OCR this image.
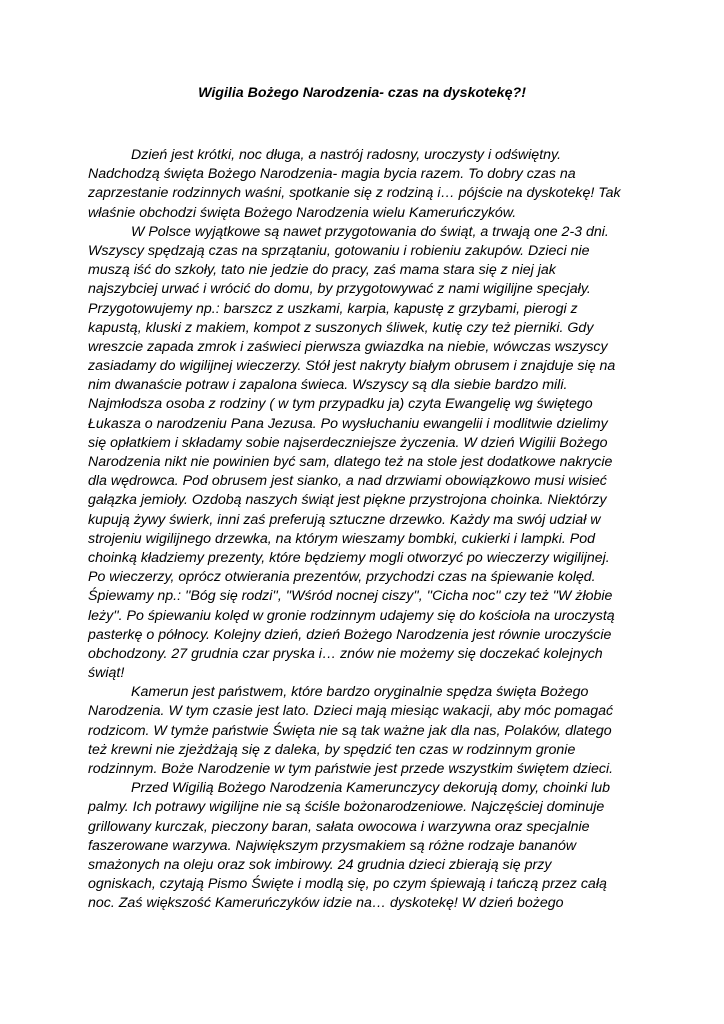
Wigilia Bożego Narodzenia- czas na dyskotekę?!
Dzień jest krótki, noc długa, a nastrój radosny, uroczysty i odświętny.
Nadchodzą święta Bożego Narodzenia- magia bycia razem. To dobry czas na
zaprzestanie rodzinnych waśni, spotkanie się z rodziną i… pójście na dyskotekę! Tak
właśnie obchodzi święta Bożego Narodzenia wielu Kameruńczyków.
W Polsce wyjątkowe są nawet przygotowania do świąt, a trwają one 2-3 dni.
Wszyscy spędzają czas na sprzątaniu, gotowaniu i robieniu zakupów. Dzieci nie
muszą iść do szkoły, tato nie jedzie do pracy, zaś mama stara się z niej jak
najszybciej urwać i wrócić do domu, by przygotowywać z nami wigilijne specjały.
Przygotowujemy np.: barszcz z uszkami, karpia, kapustę z grzybami, pierogi z
kapustą, kluski z makiem, kompot z suszonych śliwek, kutię czy też pierniki. Gdy
wreszcie zapada zmrok i zaświeci pierwsza gwiazdka na niebie, wówczas wszyscy
zasiadamy do wigilijnej wieczerzy. Stół jest nakryty białym obrusem i znajduje się na
nim dwanaście potraw i zapalona świeca. Wszyscy są dla siebie bardzo mili.
Najmłodsza osoba z rodziny ( w tym przypadku ja) czyta Ewangelię wg świętego
Łukasza o narodzeniu Pana Jezusa. Po wysłuchaniu ewangelii i modlitwie dzielimy
się opłatkiem i składamy sobie najserdeczniejsze życzenia. W dzień Wigilii Bożego
Narodzenia nikt nie powinien być sam, dlatego też na stole jest dodatkowe nakrycie
dla wędrowca. Pod obrusem jest sianko, a nad drzwiami obowiązkowo musi wisieć
gałązka jemioły. Ozdobą naszych świąt jest piękne przystrojona choinka. Niektórzy
kupują żywy świerk, inni zaś preferują sztuczne drzewko. Każdy ma swój udział w
strojeniu wigilijnego drzewka, na którym wieszamy bombki, cukierki i lampki. Pod
choinką kładziemy prezenty, które będziemy mogli otworzyć po wieczerzy wigilijnej.
Po wieczerzy, oprócz otwierania prezentów, przychodzi czas na śpiewanie kolęd.
Śpiewamy np.: ''Bóg się rodzi'', ''Wśród nocnej ciszy'', ''Cicha noc'' czy też ''W żłobie
leży''. Po śpiewaniu kolęd w gronie rodzinnym udajemy się do kościoła na uroczystą
pasterkę o północy. Kolejny dzień, dzień Bożego Narodzenia jest równie uroczyście
obchodzony. 27 grudnia czar pryska i… znów nie możemy się doczekać kolejnych
świąt!
Kamerun jest państwem, które bardzo oryginalnie spędza święta Bożego
Narodzenia. W tym czasie jest lato. Dzieci mają miesiąc wakacji, aby móc pomagać
rodzicom. W tymże państwie Święta nie są tak ważne jak dla nas, Polaków, dlatego
też krewni nie zjeżdżają się z daleka, by spędzić ten czas w rodzinnym gronie
rodzinnym. Boże Narodzenie w tym państwie jest przede wszystkim świętem dzieci.
Przed Wigilią Bożego Narodzenia Kamerunczycy dekorują domy, choinki lub
palmy. Ich potrawy wigilijne nie są ściśle bożonarodzeniowe. Najczęściej dominuje
grillowany kurczak, pieczony baran, sałata owocowa i warzywna oraz specjalnie
faszerowane warzywa. Największym przysmakiem są różne rodzaje bananów
smażonych na oleju oraz sok imbirowy. 24 grudnia dzieci zbierają się przy
ogniskach, czytają Pismo Święte i modlą się, po czym śpiewają i tańczą przez całą
noc. Zaś większość Kameruńczyków idzie na… dyskotekę! W dzień bożego
